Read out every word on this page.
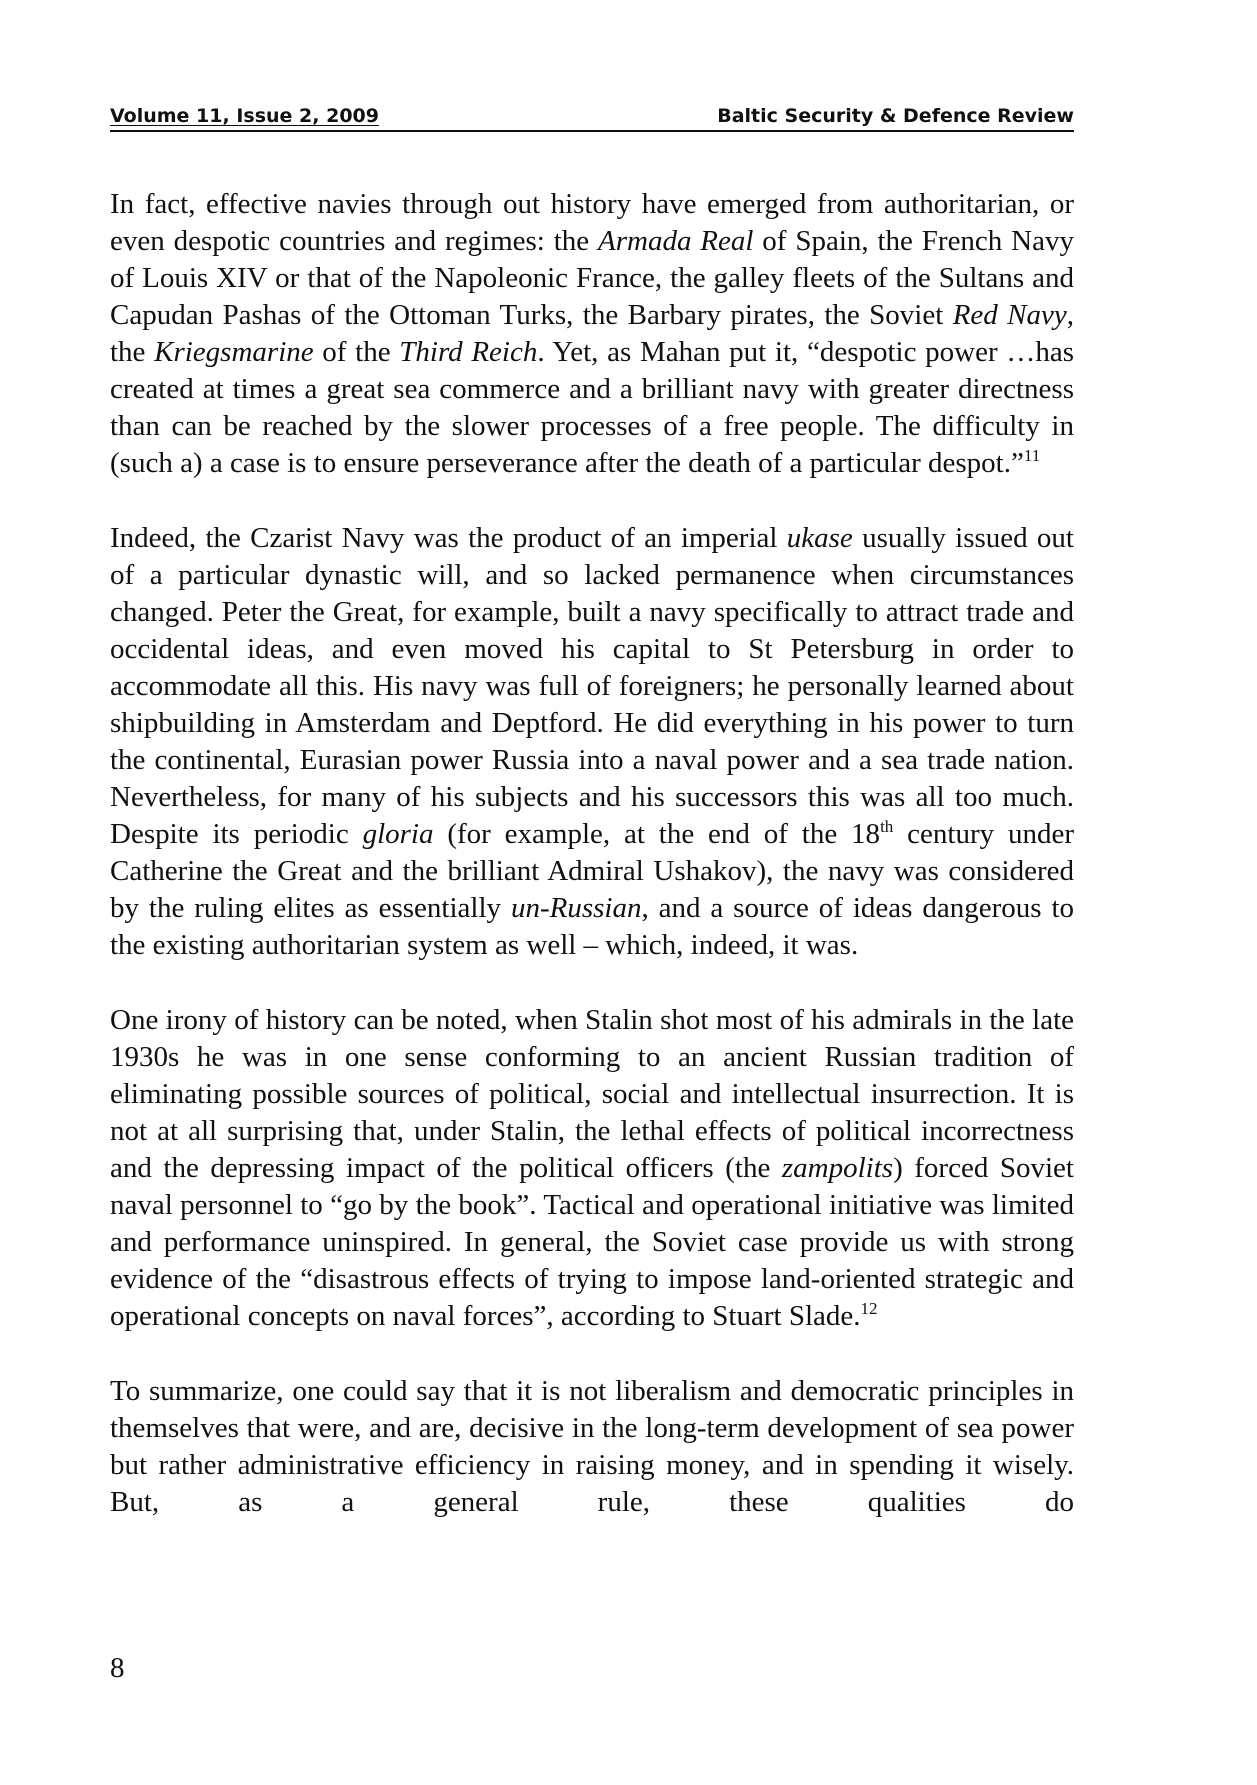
Volume 11, Issue 2, 2009	Baltic Security & Defence Review

In fact, effective navies through out history have emerged from authoritarian, or even despotic countries and regimes: the Armada Real of Spain, the French Navy of Louis XIV or that of the Napoleonic France, the galley fleets of the Sultans and Capudan Pashas of the Ottoman Turks, the Barbary pirates, the Soviet Red Navy, the Kriegsmarine of the Third Reich. Yet, as Mahan put it, “despotic power …has created at times a great sea commerce and a brilliant navy with greater directness than can be reached by the slower processes of a free people. The difficulty in (such a) a case is to ensure perseverance after the death of a particular despot.”$^{11}$

Indeed, the Czarist Navy was the product of an imperial ukase usually issued out of a particular dynastic will, and so lacked permanence when circumstances changed. Peter the Great, for example, built a navy specifically to attract trade and occidental ideas, and even moved his capital to St Petersburg in order to accommodate all this. His navy was full of foreigners; he personally learned about shipbuilding in Amsterdam and Deptford. He did everything in his power to turn the continental, Eurasian power Russia into a naval power and a sea trade nation. Nevertheless, for many of his subjects and his successors this was all too much. Despite its periodic gloria (for example, at the end of the 18th century under Catherine the Great and the brilliant Admiral Ushakov), the navy was considered by the ruling elites as essentially un-Russian, and a source of ideas dangerous to the existing authoritarian system as well – which, indeed, it was.

One irony of history can be noted, when Stalin shot most of his admirals in the late 1930s he was in one sense conforming to an ancient Russian tradition of eliminating possible sources of political, social and intellectual insurrection. It is not at all surprising that, under Stalin, the lethal effects of political incorrectness and the depressing impact of the political officers (the zampolits) forced Soviet naval personnel to “go by the book”. Tactical and operational initiative was limited and performance uninspired. In general, the Soviet case provide us with strong evidence of the “disastrous effects of trying to impose land-oriented strategic and operational concepts on naval forces”, according to Stuart Slade.$^{12}$

To summarize, one could say that it is not liberalism and democratic principles in themselves that were, and are, decisive in the long-term development of sea power but rather administrative efficiency in raising money, and in spending it wisely. But, as a general rule, these qualities do

8
